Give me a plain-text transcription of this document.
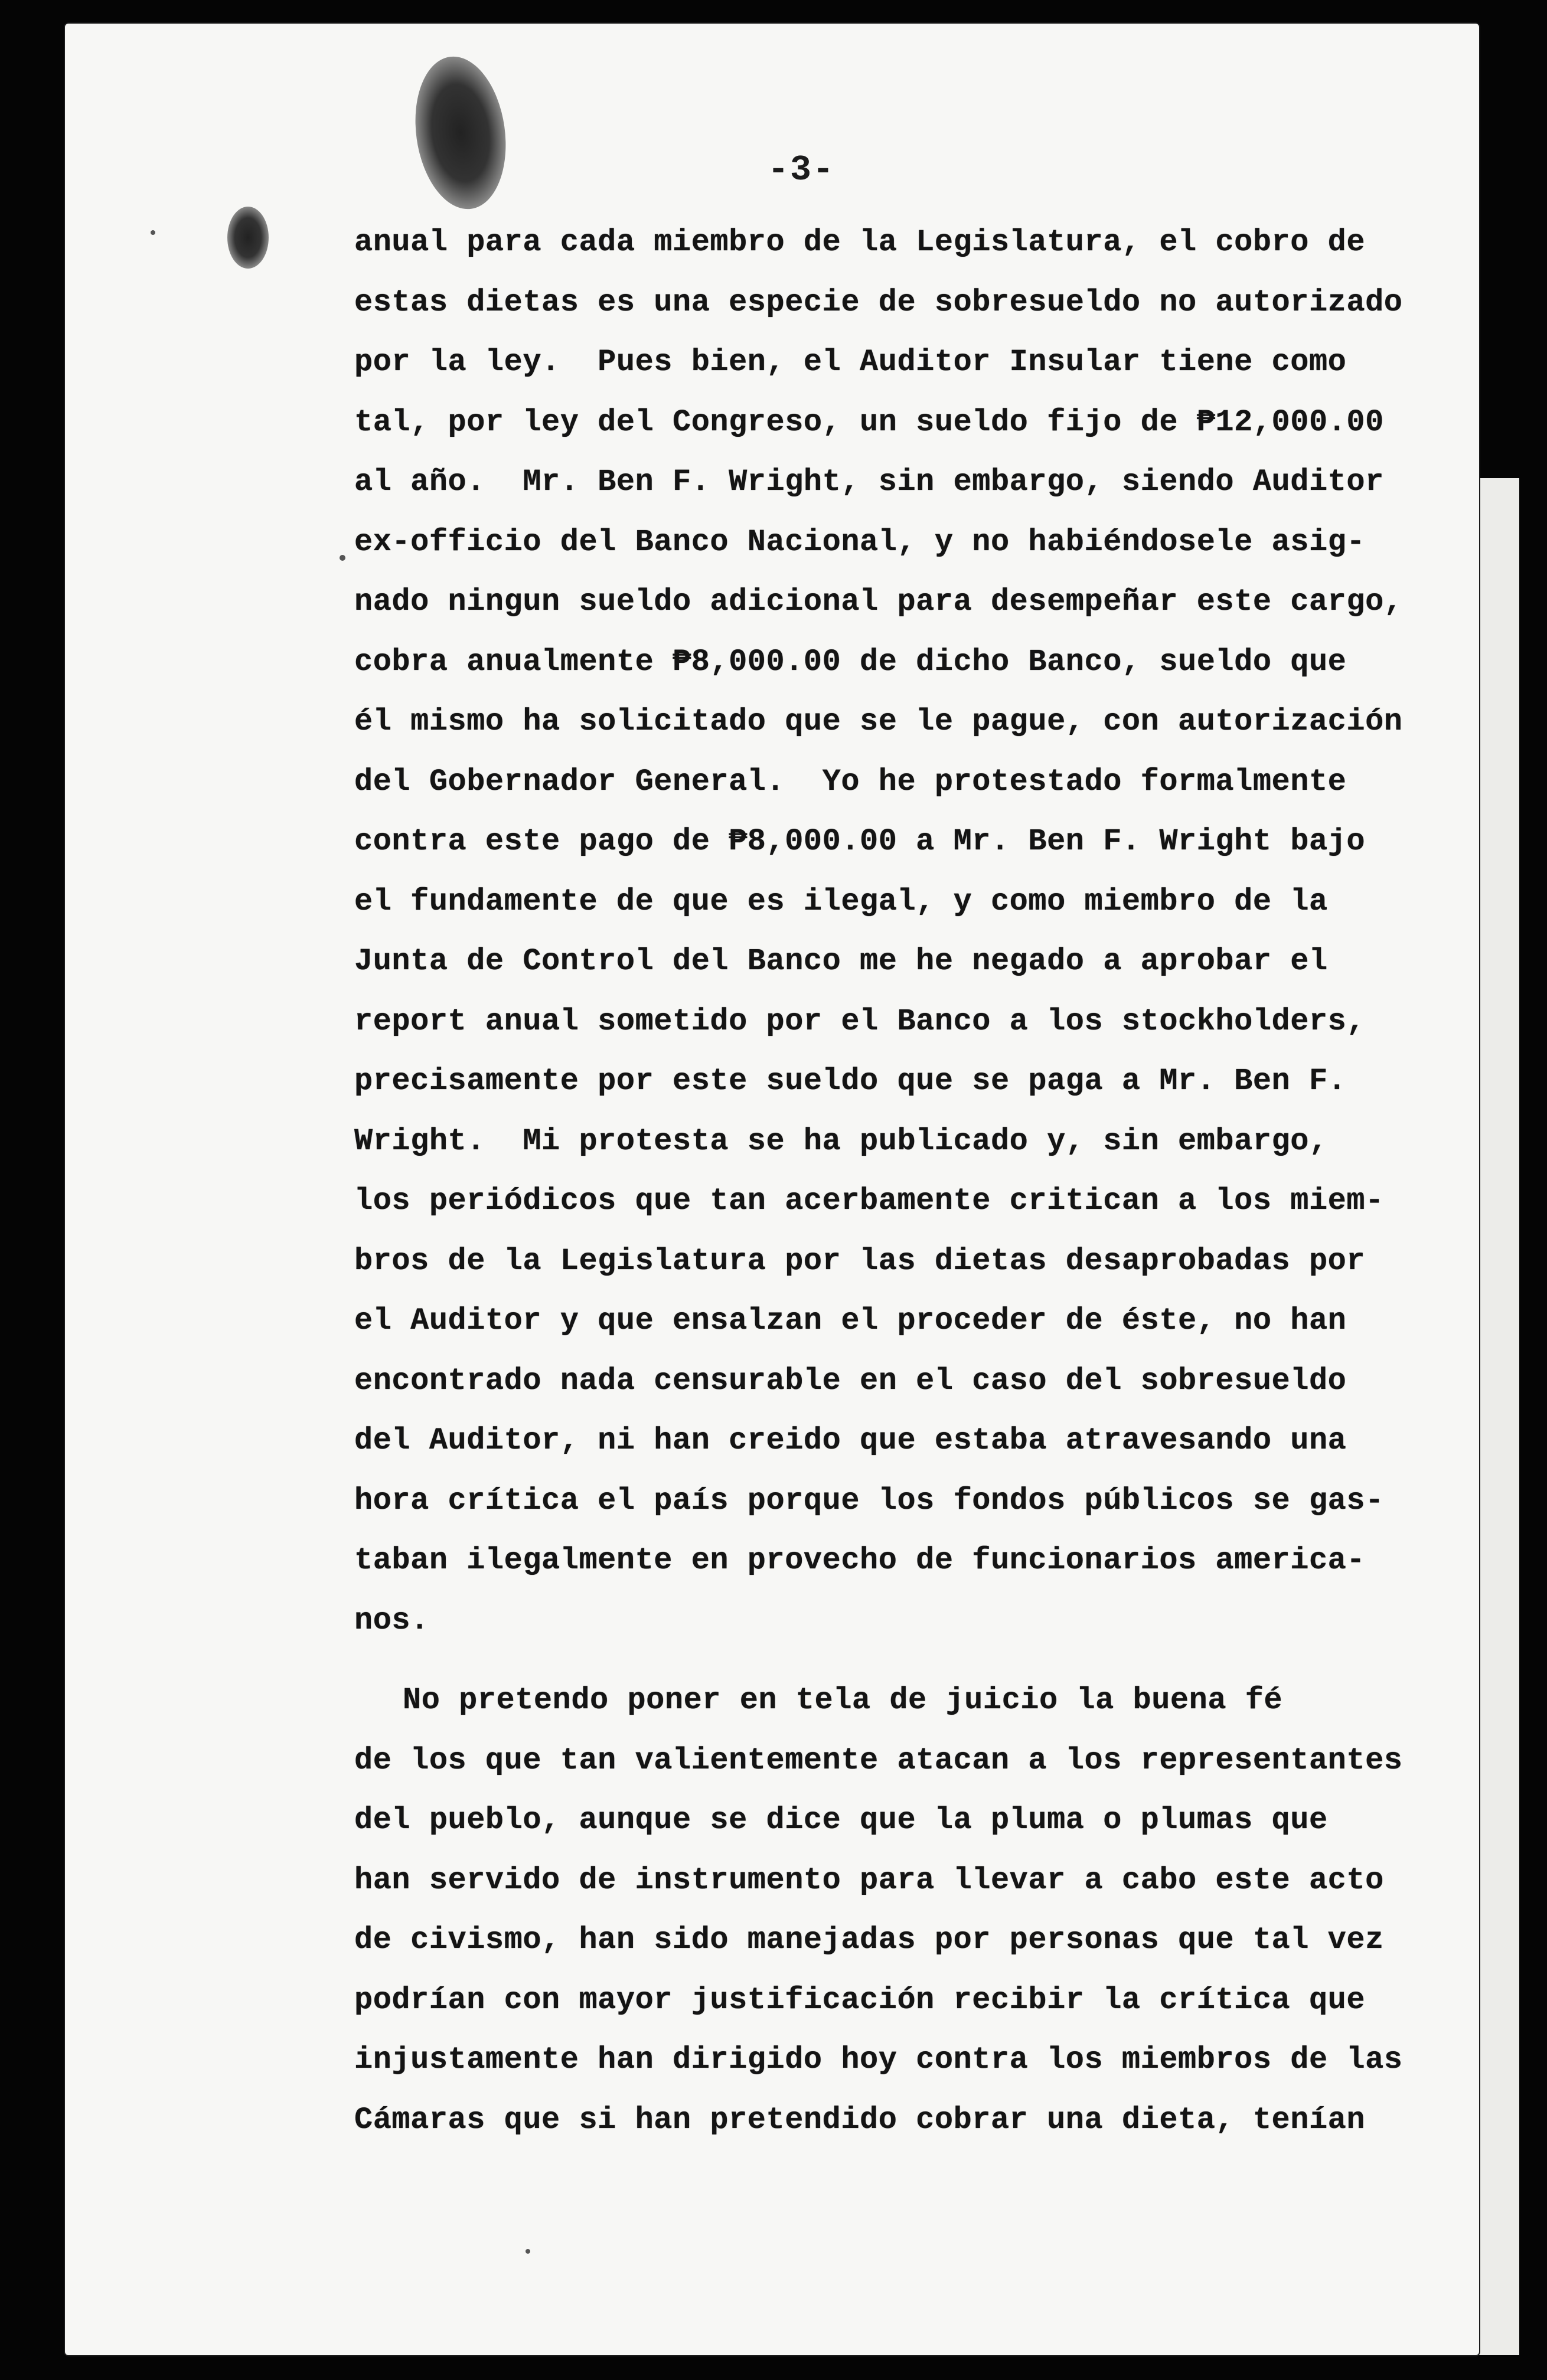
-3-
anual para cada miembro de la Legislatura, el cobro de
estas dietas es una especie de sobresueldo no autorizado
por la ley.  Pues bien, el Auditor Insular tiene como
tal, por ley del Congreso, un sueldo fijo de ₱12,000.00
al año.  Mr. Ben F. Wright, sin embargo, siendo Auditor
ex-officio del Banco Nacional, y no habiéndosele asig-
nado ningun sueldo adicional para desempeñar este cargo,
cobra anualmente ₱8,000.00 de dicho Banco, sueldo que
él mismo ha solicitado que se le pague, con autorización
del Gobernador General.  Yo he protestado formalmente
contra este pago de ₱8,000.00 a Mr. Ben F. Wright bajo
el fundamente de que es ilegal, y como miembro de la
Junta de Control del Banco me he negado a aprobar el
report anual sometido por el Banco a los stockholders,
precisamente por este sueldo que se paga a Mr. Ben F.
Wright.  Mi protesta se ha publicado y, sin embargo,
los periódicos que tan acerbamente critican a los miem-
bros de la Legislatura por las dietas desaprobadas por
el Auditor y que ensalzan el proceder de éste, no han
encontrado nada censurable en el caso del sobresueldo
del Auditor, ni han creido que estaba atravesando una
hora crítica el país porque los fondos públicos se gas-
taban ilegalmente en provecho de funcionarios america-
nos.
No pretendo poner en tela de juicio la buena fé
de los que tan valientemente atacan a los representantes
del pueblo, aunque se dice que la pluma o plumas que
han servido de instrumento para llevar a cabo este acto
de civismo, han sido manejadas por personas que tal vez
podrían con mayor justificación recibir la crítica que
injustamente han dirigido hoy contra los miembros de las
Cámaras que si han pretendido cobrar una dieta, tenían
